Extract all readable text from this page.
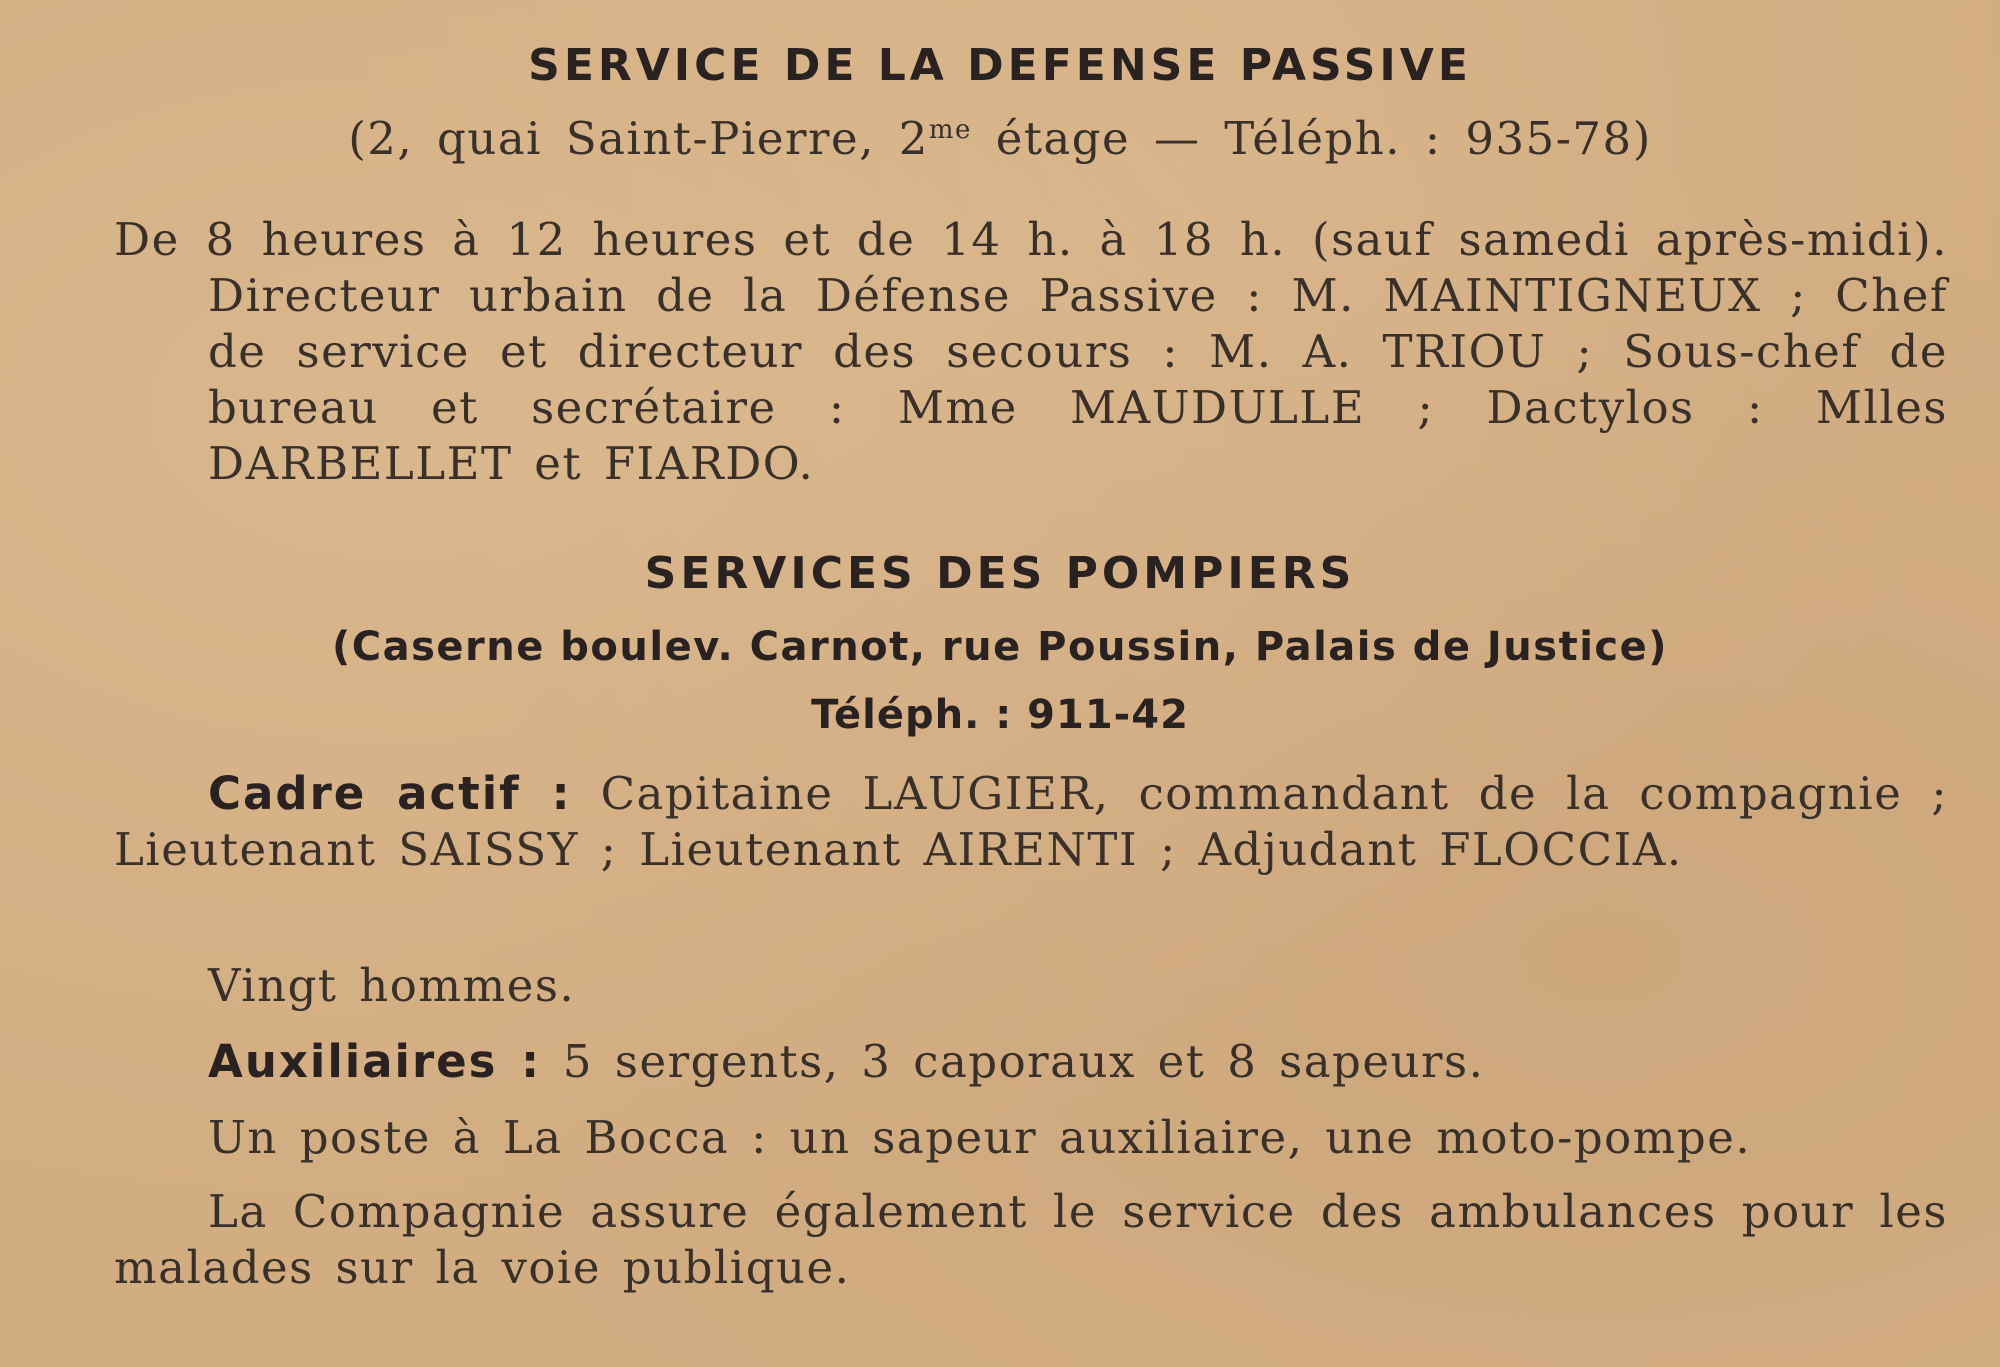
SERVICE DE LA DEFENSE PASSIVE
(2, quai Saint-Pierre, $2^{me}$ étage — Téléph. : 935-78)

De 8 heures à 12 heures et de 14 h. à 18 h. (sauf samedi après-midi). Directeur urbain de la Défense Passive : M. MAINTIGNEUX ; Chef de service et directeur des secours : M. A. TRIOU ; Sous-chef de bureau et secrétaire : Mme MAUDULLE ; Dactylos : Mlles DARBELLET et FIARDO.

SERVICES DES POMPIERS
(Caserne boulev. Carnot, rue Poussin, Palais de Justice)
Téléph. : 911-42

Cadre actif : Capitaine LAUGIER, commandant de la compagnie ; Lieutenant SAISSY ; Lieutenant AIRENTI ; Adjudant FLOCCIA.

Vingt hommes.

Auxiliaires : 5 sergents, 3 caporaux et 8 sapeurs.

Un poste à La Bocca : un sapeur auxiliaire, une moto-pompe.

La Compagnie assure également le service des ambulances pour les malades sur la voie publique.
